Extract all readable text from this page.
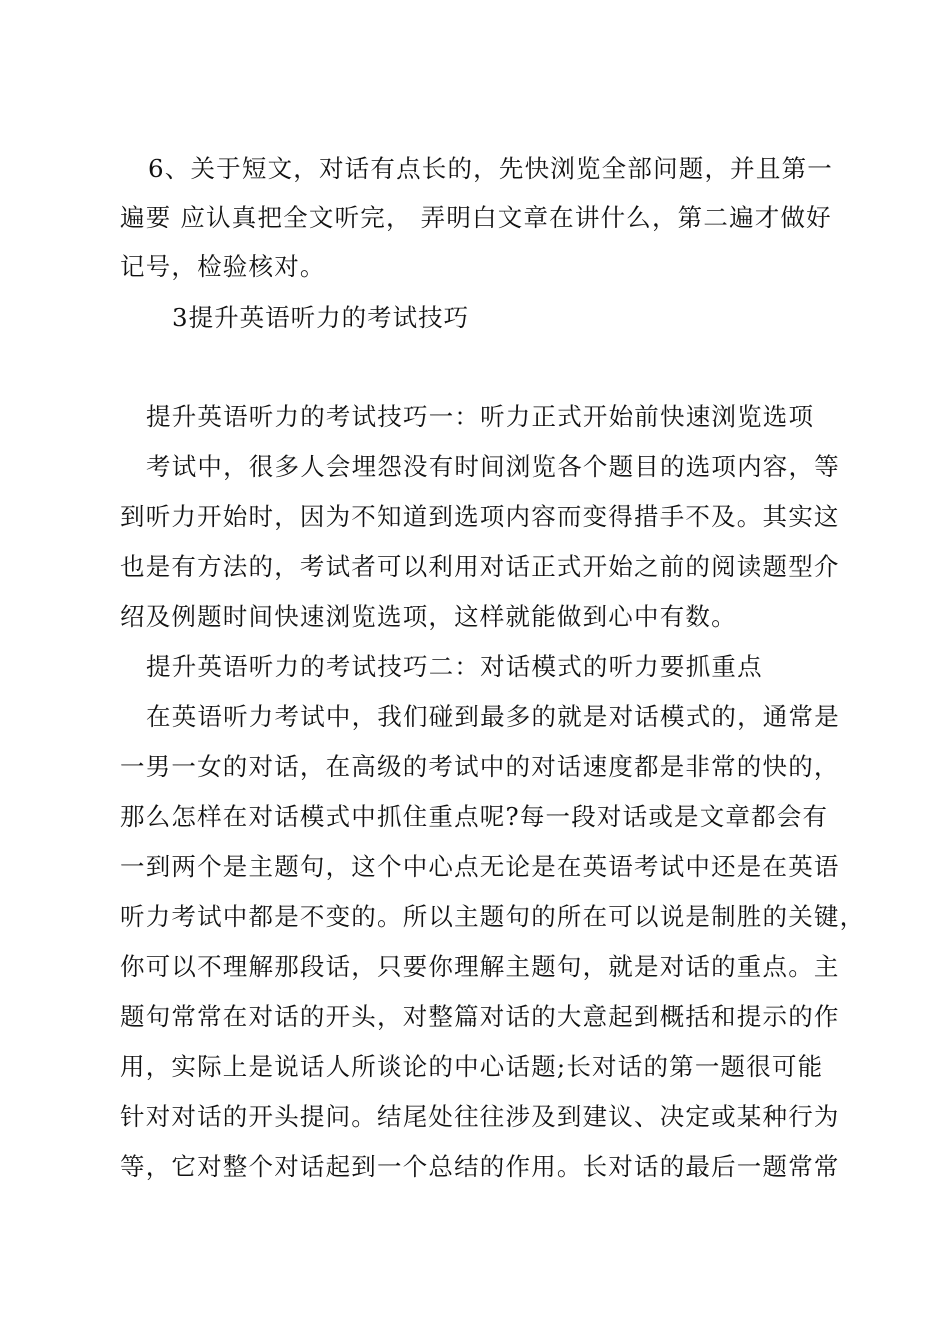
6、关于短文，对话有点长的，先快浏览全部问题，并且第一
遍要 应认真把全文听完， 弄明白文章在讲什么，第二遍才做好
记号，检验核对。
3提升英语听力的考试技巧
提升英语听力的考试技巧一：听力正式开始前快速浏览选项
考试中，很多人会埋怨没有时间浏览各个题目的选项内容，等
到听力开始时，因为不知道到选项内容而变得措手不及。其实这
也是有方法的，考试者可以利用对话正式开始之前的阅读题型介
绍及例题时间快速浏览选项，这样就能做到心中有数。
提升英语听力的考试技巧二：对话模式的听力要抓重点
在英语听力考试中，我们碰到最多的就是对话模式的，通常是
一男一女的对话，在高级的考试中的对话速度都是非常的快的，
那么怎样在对话模式中抓住重点呢?每一段对话或是文章都会有
一到两个是主题句，这个中心点无论是在英语考试中还是在英语
听力考试中都是不变的。所以主题句的所在可以说是制胜的关键，
你可以不理解那段话，只要你理解主题句，就是对话的重点。主
题句常常在对话的开头，对整篇对话的大意起到概括和提示的作
用，实际上是说话人所谈论的中心话题;长对话的第一题很可能
针对对话的开头提问。结尾处往往涉及到建议、决定或某种行为
等，它对整个对话起到一个总结的作用。长对话的最后一题常常
